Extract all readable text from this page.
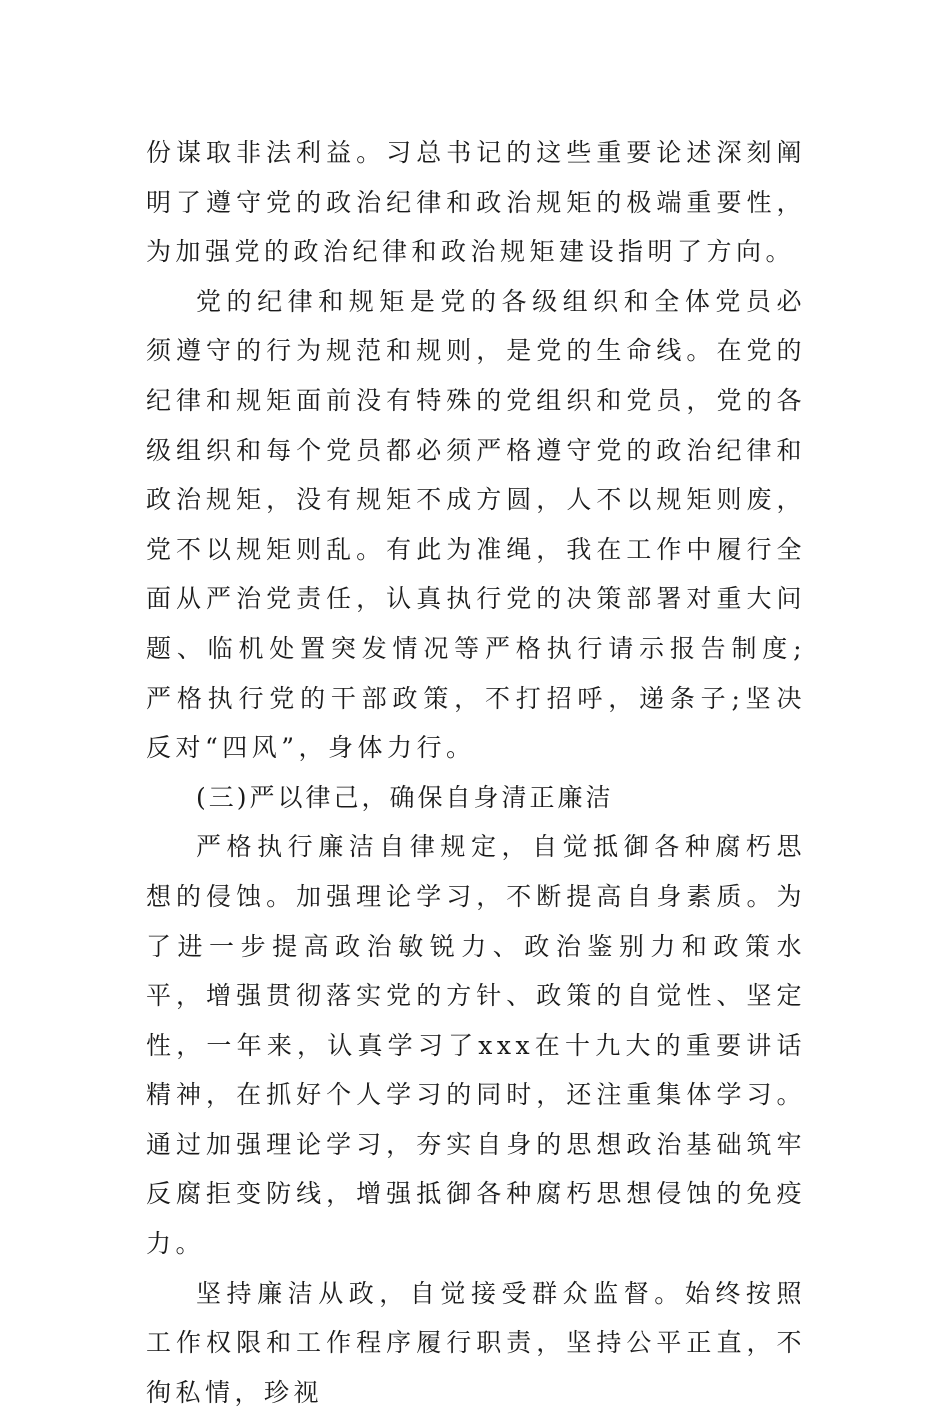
份谋取非法利益。习总书记的这些重要论述深刻阐明了遵守党的政治纪律和政治规矩的极端重要性，为加强党的政治纪律和政治规矩建设指明了方向。

党的纪律和规矩是党的各级组织和全体党员必须遵守的行为规范和规则，是党的生命线。在党的纪律和规矩面前没有特殊的党组织和党员，党的各级组织和每个党员都必须严格遵守党的政治纪律和政治规矩，没有规矩不成方圆，人不以规矩则废，党不以规矩则乱。有此为准绳，我在工作中履行全面从严治党责任，认真执行党的决策部署对重大问题、临机处置突发情况等严格执行请示报告制度;严格执行党的干部政策，不打招呼，递条子;坚决反对“四风”，身体力行。

(三)严以律己，确保自身清正廉洁

严格执行廉洁自律规定，自觉抵御各种腐朽思想的侵蚀。加强理论学习，不断提高自身素质。为了进一步提高政治敏锐力、政治鉴别力和政策水平，增强贯彻落实党的方针、政策的自觉性、坚定性，一年来，认真学习了xxx在十九大的重要讲话精神，在抓好个人学习的同时，还注重集体学习。通过加强理论学习，夯实自身的思想政治基础筑牢反腐拒变防线，增强抵御各种腐朽思想侵蚀的免疫力。

坚持廉洁从政，自觉接受群众监督。始终按照工作权限和工作程序履行职责，坚持公平正直，不徇私情，珍视
